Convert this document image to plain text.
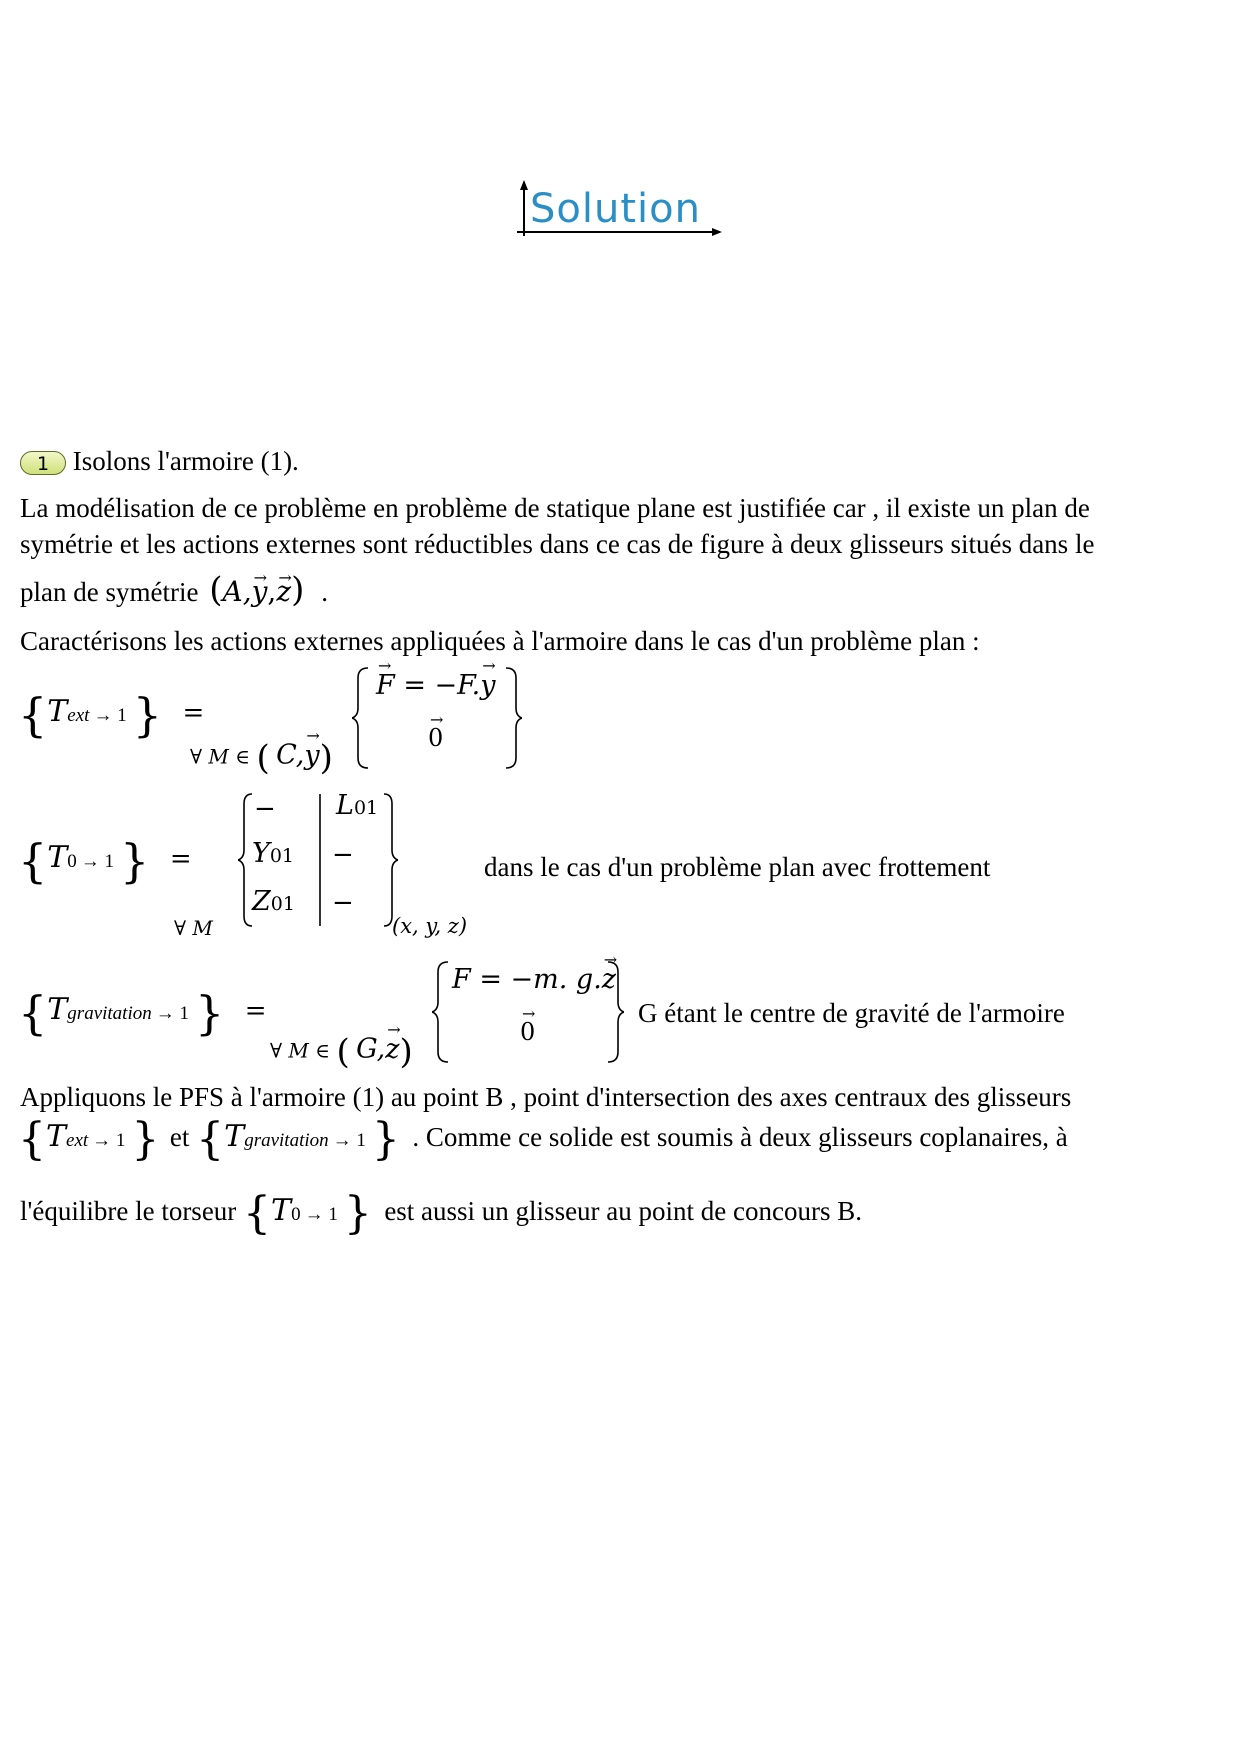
Solution
1 Isolons l'armoire (1).
La modélisation de ce problème en problème de statique plane est justifiée car , il existe un plan de
symétrie et les actions externes sont réductibles dans ce cas de figure à deux glisseurs situés dans le
plan de symétrie (A,→ y,→ z) .
Caractérisons les actions externes appliquées à l'armoire dans le cas d'un problème plan :
{Text → 1 } =
→ F = −F.→ y
→ 0
∀ M ∈ ( C,→ y)
{T0 → 1 } =
−
Y01
Z01
L01
−
−
∀ M	(x, y, z)
dans le cas d'un problème plan avec frottement
{Tgravitation → 1 } =
F = −m. g.→ z
→ 0
∀ M ∈ ( G,→ z)
G étant le centre de gravité de l'armoire
Appliquons le PFS à l'armoire (1) au point B , point d'intersection des axes centraux des glisseurs
{Text → 1 } et {Tgravitation → 1 } . Comme ce solide est soumis à deux glisseurs coplanaires, à
l'équilibre le torseur {T0 → 1 } est aussi un glisseur au point de concours B.
